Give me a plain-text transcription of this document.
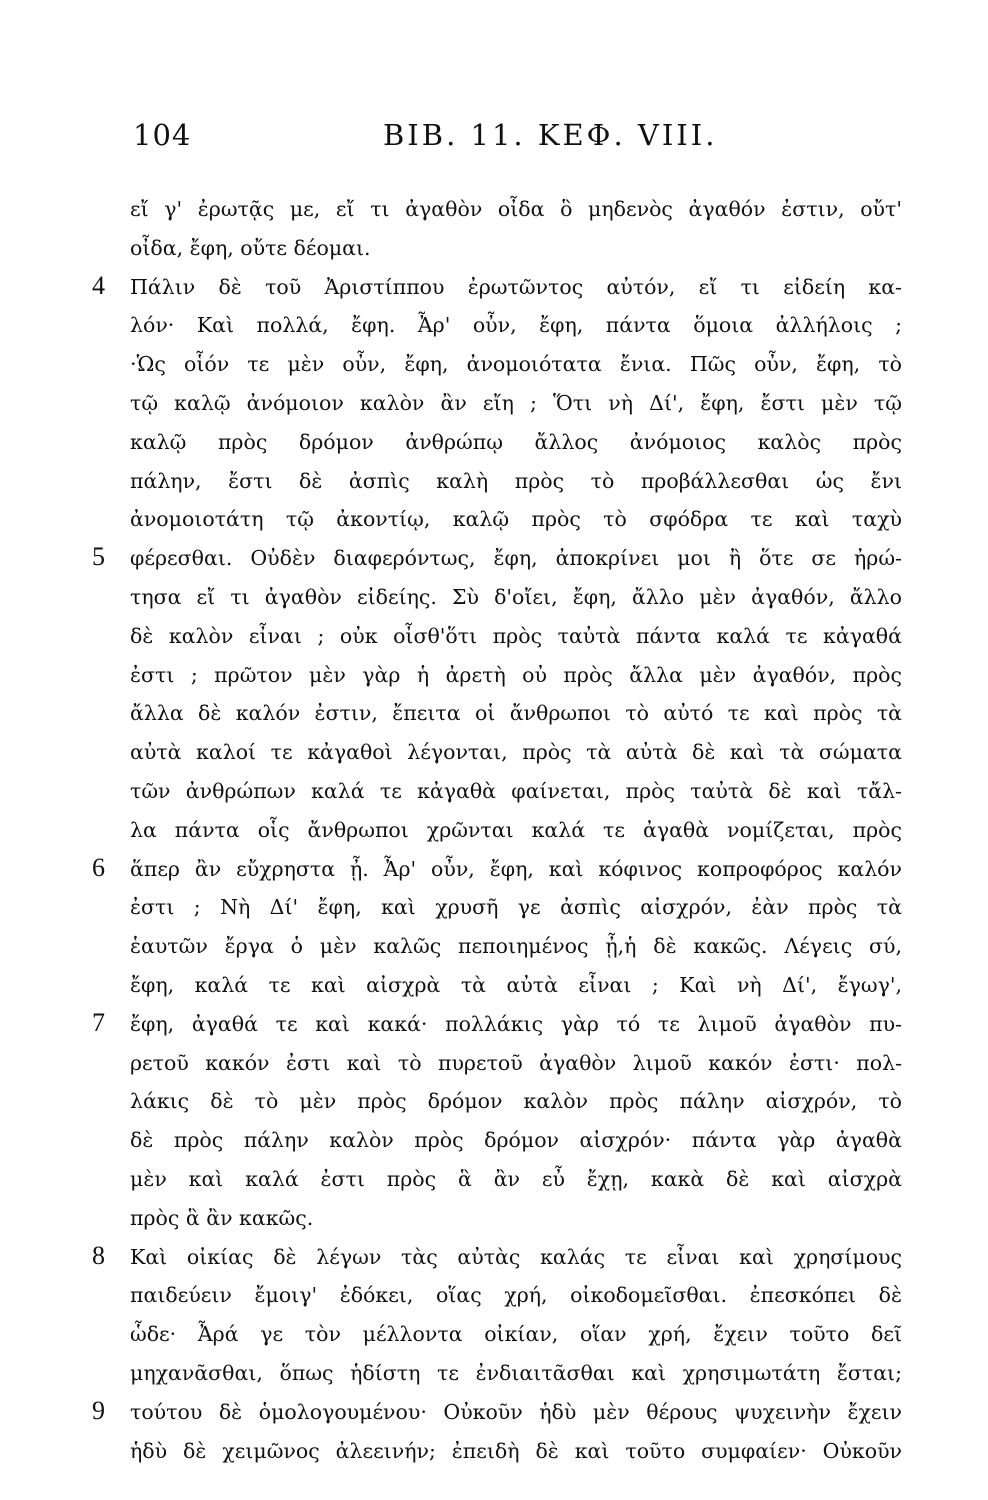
104	BIB. 11. ΚΕΦ. VIII.
εἴ γ' ἐρωτᾷς με, εἴ τι ἀγαθὸν οἶδα ὃ μηδενὸς ἀγαθόν ἐστιν, οὔτ'
οἶδα, ἔφη, οὔτε δέομαι.
4 Πάλιν δὲ τοῦ Ἀριστίππου ἐρωτῶντος αὐτόν, εἴ τι εἰδείη κα-
λόν· Καὶ πολλά, ἔφη. Ἆρ' οὖν, ἔφη, πάντα ὅμοια ἀλλήλοις ;
·Ὡς οἷόν τε μὲν οὖν, ἔφη, ἀνομοιότατα ἔνια. Πῶς οὖν, ἔφη, τὸ
τῷ καλῷ ἀνόμοιον καλὸν ἂν εἴη ; Ὅτι νὴ Δί', ἔφη, ἔστι μὲν τῷ
καλῷ πρὸς δρόμον ἀνθρώπῳ ἄλλος ἀνόμοιος καλὸς πρὸς
πάλην, ἔστι δὲ ἀσπὶς καλὴ πρὸς τὸ προβάλλεσθαι ὡς ἔνι
ἀνομοιοτάτη τῷ ἀκοντίῳ, καλῷ πρὸς τὸ σφόδρα τε καὶ ταχὺ
5 φέρεσθαι. Οὐδὲν διαφερόντως, ἔφη, ἀποκρίνει μοι ἢ ὅτε σε ἠρώ-
τησα εἴ τι ἀγαθὸν εἰδείης. Σὺ δ'οἴει, ἔφη, ἄλλο μὲν ἀγαθόν, ἄλλο
δὲ καλὸν εἶναι ; οὐκ οἶσθ'ὅτι πρὸς ταὐτὰ πάντα καλά τε κἀγαθά
ἐστι ; πρῶτον μὲν γὰρ ἡ ἀρετὴ οὐ πρὸς ἄλλα μὲν ἀγαθόν, πρὸς
ἄλλα δὲ καλόν ἐστιν, ἔπειτα οἱ ἄνθρωποι τὸ αὐτό τε καὶ πρὸς τὰ
αὐτὰ καλοί τε κἀγαθοὶ λέγονται, πρὸς τὰ αὐτὰ δὲ καὶ τὰ σώματα
τῶν ἀνθρώπων καλά τε κἀγαθὰ φαίνεται, πρὸς ταὐτὰ δὲ καὶ τἄλ-
λα πάντα οἷς ἄνθρωποι χρῶνται καλά τε ἀγαθὰ νομίζεται, πρὸς
6 ἅπερ ἂν εὔχρηστα ᾖ. Ἆρ' οὖν, ἔφη, καὶ κόφινος κοπροφόρος καλόν
ἐστι ; Νὴ Δί' ἔφη, καὶ χρυσῆ γε ἀσπὶς αἰσχρόν, ἐὰν πρὸς τὰ
ἑαυτῶν ἔργα ὁ μὲν καλῶς πεποιημένος ᾖ,ἡ δὲ κακῶς. Λέγεις σύ,
ἔφη, καλά τε καὶ αἰσχρὰ τὰ αὐτὰ εἶναι ; Καὶ νὴ Δί', ἔγωγ',
7 ἔφη, ἀγαθά τε καὶ κακά· πολλάκις γὰρ τό τε λιμοῦ ἀγαθὸν πυ-
ρετοῦ κακόν ἐστι καὶ τὸ πυρετοῦ ἀγαθὸν λιμοῦ κακόν ἐστι· πολ-
λάκις δὲ τὸ μὲν πρὸς δρόμον καλὸν πρὸς πάλην αἰσχρόν, τὸ
δὲ πρὸς πάλην καλὸν πρὸς δρόμον αἰσχρόν· πάντα γὰρ ἀγαθὰ
μὲν καὶ καλά ἐστι πρὸς ἃ ἂν εὖ ἔχῃ, κακὰ δὲ καὶ αἰσχρὰ
πρὸς ἃ ἂν κακῶς.
8 Καὶ οἰκίας δὲ λέγων τὰς αὐτὰς καλάς τε εἶναι καὶ χρησίμους
παιδεύειν ἔμοιγ' ἐδόκει, οἵας χρή, οἰκοδομεῖσθαι. ἐπεσκόπει δὲ
ὧδε· Ἆρά γε τὸν μέλλοντα οἰκίαν, οἵαν χρή, ἔχειν τοῦτο δεῖ
μηχανᾶσθαι, ὅπως ἡδίστη τε ἐνδιαιτᾶσθαι καὶ χρησιμωτάτη ἔσται;
9 τούτου δὲ ὁμολογουμένου· Οὐκοῦν ἡδὺ μὲν θέρους ψυχεινὴν ἔχειν
ἡδὺ δὲ χειμῶνος ἀλεεινήν; ἐπειδὴ δὲ καὶ τοῦτο συμφαίεν· Οὐκοῦν
